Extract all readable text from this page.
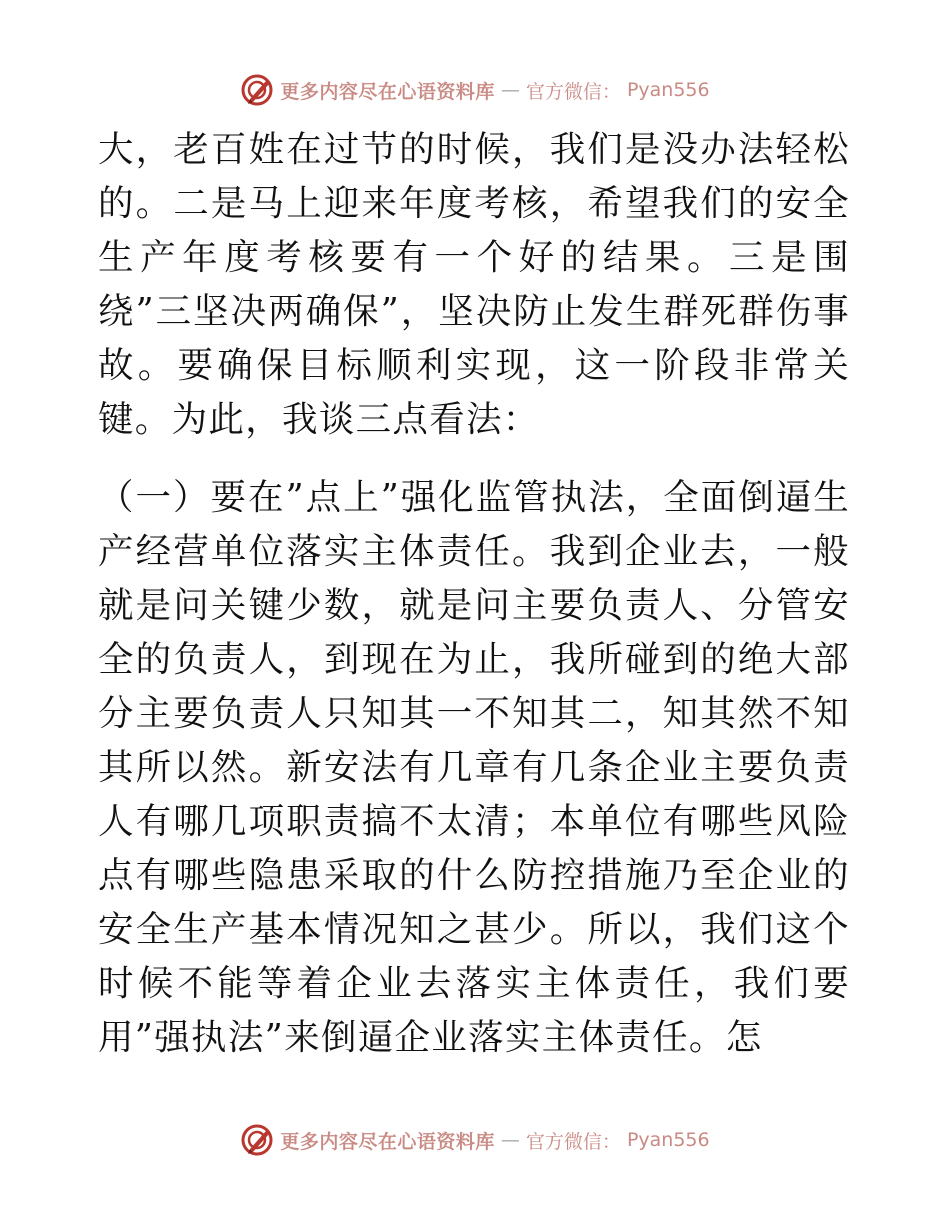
更多内容尽在心语资料库 — 官方微信： Pyan556

大，老百姓在过节的时候，我们是没办法轻松的。二是马上迎来年度考核，希望我们的安全生产年度考核要有一个好的结果。三是围绕”三坚决两确保”，坚决防止发生群死群伤事故。要确保目标顺利实现，这一阶段非常关键。为此，我谈三点看法：

（一）要在”点上”强化监管执法，全面倒逼生产经营单位落实主体责任。我到企业去，一般就是问关键少数，就是问主要负责人、分管安全的负责人，到现在为止，我所碰到的绝大部分主要负责人只知其一不知其二，知其然不知其所以然。新安法有几章有几条企业主要负责人有哪几项职责搞不太清；本单位有哪些风险点有哪些隐患采取的什么防控措施乃至企业的安全生产基本情况知之甚少。所以，我们这个时候不能等着企业去落实主体责任，我们要用”强执法”来倒逼企业落实主体责任。怎

更多内容尽在心语资料库 — 官方微信： Pyan556
